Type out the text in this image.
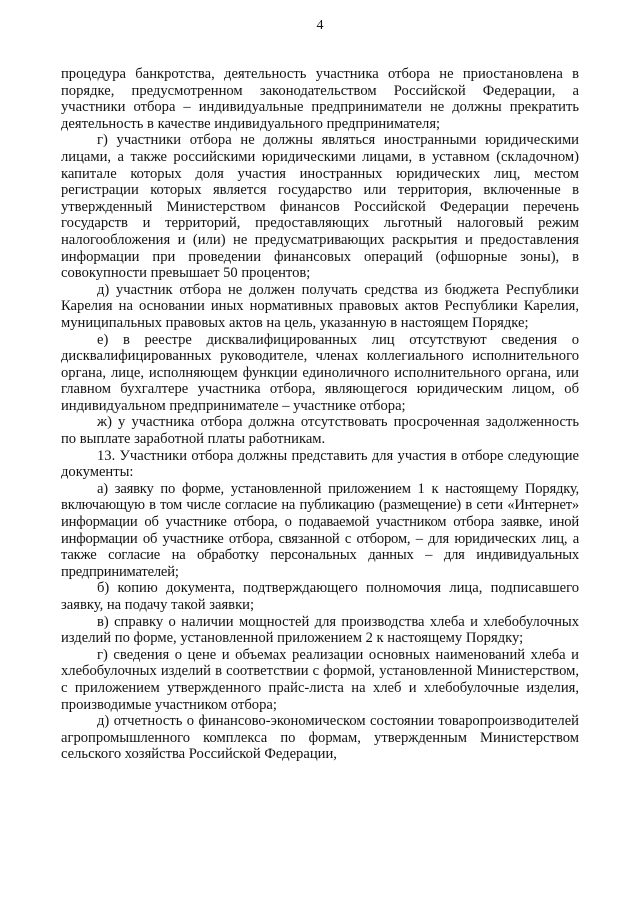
4

процедура банкротства, деятельность участника отбора не приостановлена в порядке, предусмотренном законодательством Российской Федерации, а участники отбора – индивидуальные предприниматели не должны прекратить деятельность в качестве индивидуального предпринимателя;

г) участники отбора не должны являться иностранными юридическими лицами, а также российскими юридическими лицами, в уставном (складочном) капитале которых доля участия иностранных юридических лиц, местом регистрации которых является государство или территория, включенные в утвержденный Министерством финансов Российской Федерации перечень государств и территорий, предоставляющих льготный налоговый режим налогообложения и (или) не предусматривающих раскрытия и предоставления информации при проведении финансовых операций (офшорные зоны), в совокупности превышает 50 процентов;

д) участник отбора не должен получать средства из бюджета Республики Карелия на основании иных нормативных правовых актов Республики Карелия, муниципальных правовых актов на цель, указанную в настоящем Порядке;

е) в реестре дисквалифицированных лиц отсутствуют сведения о дисквалифицированных руководителе, членах коллегиального исполнительного органа, лице, исполняющем функции единоличного исполнительного органа, или главном бухгалтере участника отбора, являющегося юридическим лицом, об индивидуальном предпринимателе – участнике отбора;

ж) у участника отбора должна отсутствовать просроченная задолженность по выплате заработной платы работникам.

13. Участники отбора должны представить для участия в отборе следующие документы:

а) заявку по форме, установленной приложением 1 к настоящему Порядку, включающую в том числе согласие на публикацию (размещение) в сети «Интернет» информации об участнике отбора, о подаваемой участником отбора заявке, иной информации об участнике отбора, связанной с отбором, – для юридических лиц, а также согласие на обработку персональных данных – для индивидуальных предпринимателей;

б) копию документа, подтверждающего полномочия лица, подписавшего заявку, на подачу такой заявки;

в) справку о наличии мощностей для производства хлеба и хлебобулочных изделий по форме, установленной приложением 2 к настоящему Порядку;

г) сведения о цене и объемах реализации основных наименований хлеба и хлебобулочных изделий в соответствии с формой, установленной Министерством, с приложением утвержденного прайс-листа на хлеб и хлебобулочные изделия, производимые участником отбора;

д) отчетность о финансово-экономическом состоянии товаропроизводителей агропромышленного комплекса по формам, утвержденным Министерством сельского хозяйства Российской Федерации,
